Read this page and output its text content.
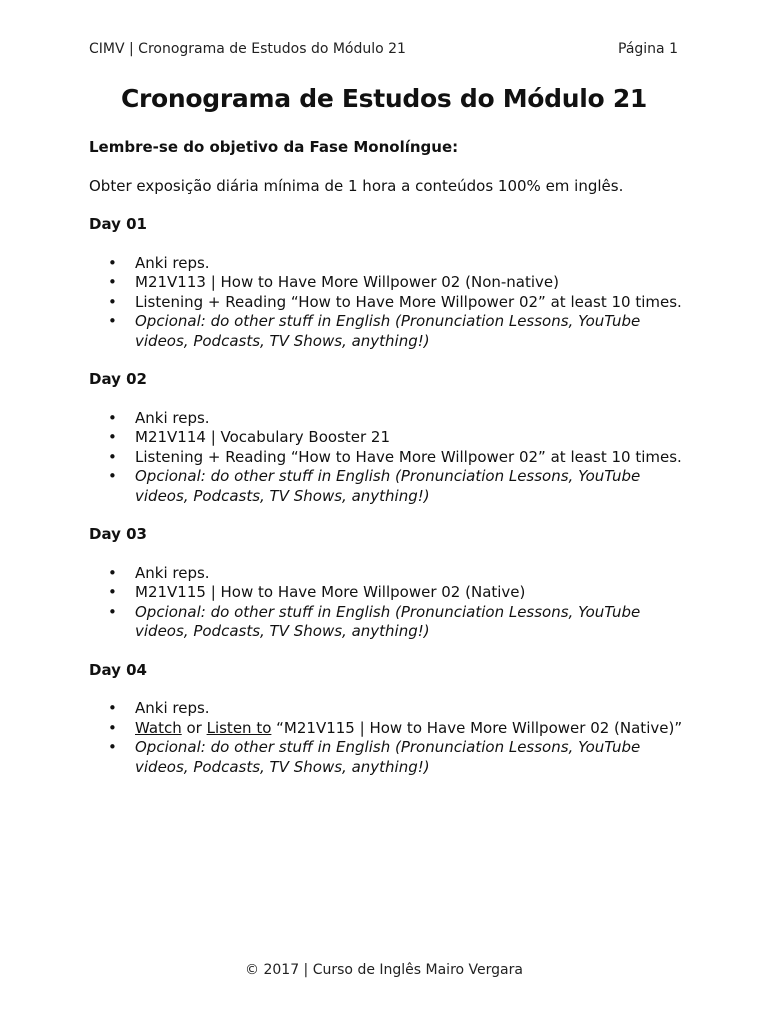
CIMV | Cronograma de Estudos do Módulo 21	Página 1
Cronograma de Estudos do Módulo 21

Lembre-se do objetivo da Fase Monolíngue:

Obter exposição diária mínima de 1 hora a conteúdos 100% em inglês.

Day 01

• Anki reps.
• M21V113 | How to Have More Willpower 02 (Non-native)
• Listening + Reading “How to Have More Willpower 02” at least 10 times.
• Opcional: do other stuff in English (Pronunciation Lessons, YouTube videos, Podcasts, TV Shows, anything!)

Day 02

• Anki reps.
• M21V114 | Vocabulary Booster 21
• Listening + Reading “How to Have More Willpower 02” at least 10 times.
• Opcional: do other stuff in English (Pronunciation Lessons, YouTube videos, Podcasts, TV Shows, anything!)

Day 03

• Anki reps.
• M21V115 | How to Have More Willpower 02 (Native)
• Opcional: do other stuff in English (Pronunciation Lessons, YouTube videos, Podcasts, TV Shows, anything!)

Day 04

• Anki reps.
• Watch or Listen to “M21V115 | How to Have More Willpower 02 (Native)”
• Opcional: do other stuff in English (Pronunciation Lessons, YouTube videos, Podcasts, TV Shows, anything!)
© 2017 | Curso de Inglês Mairo Vergara
